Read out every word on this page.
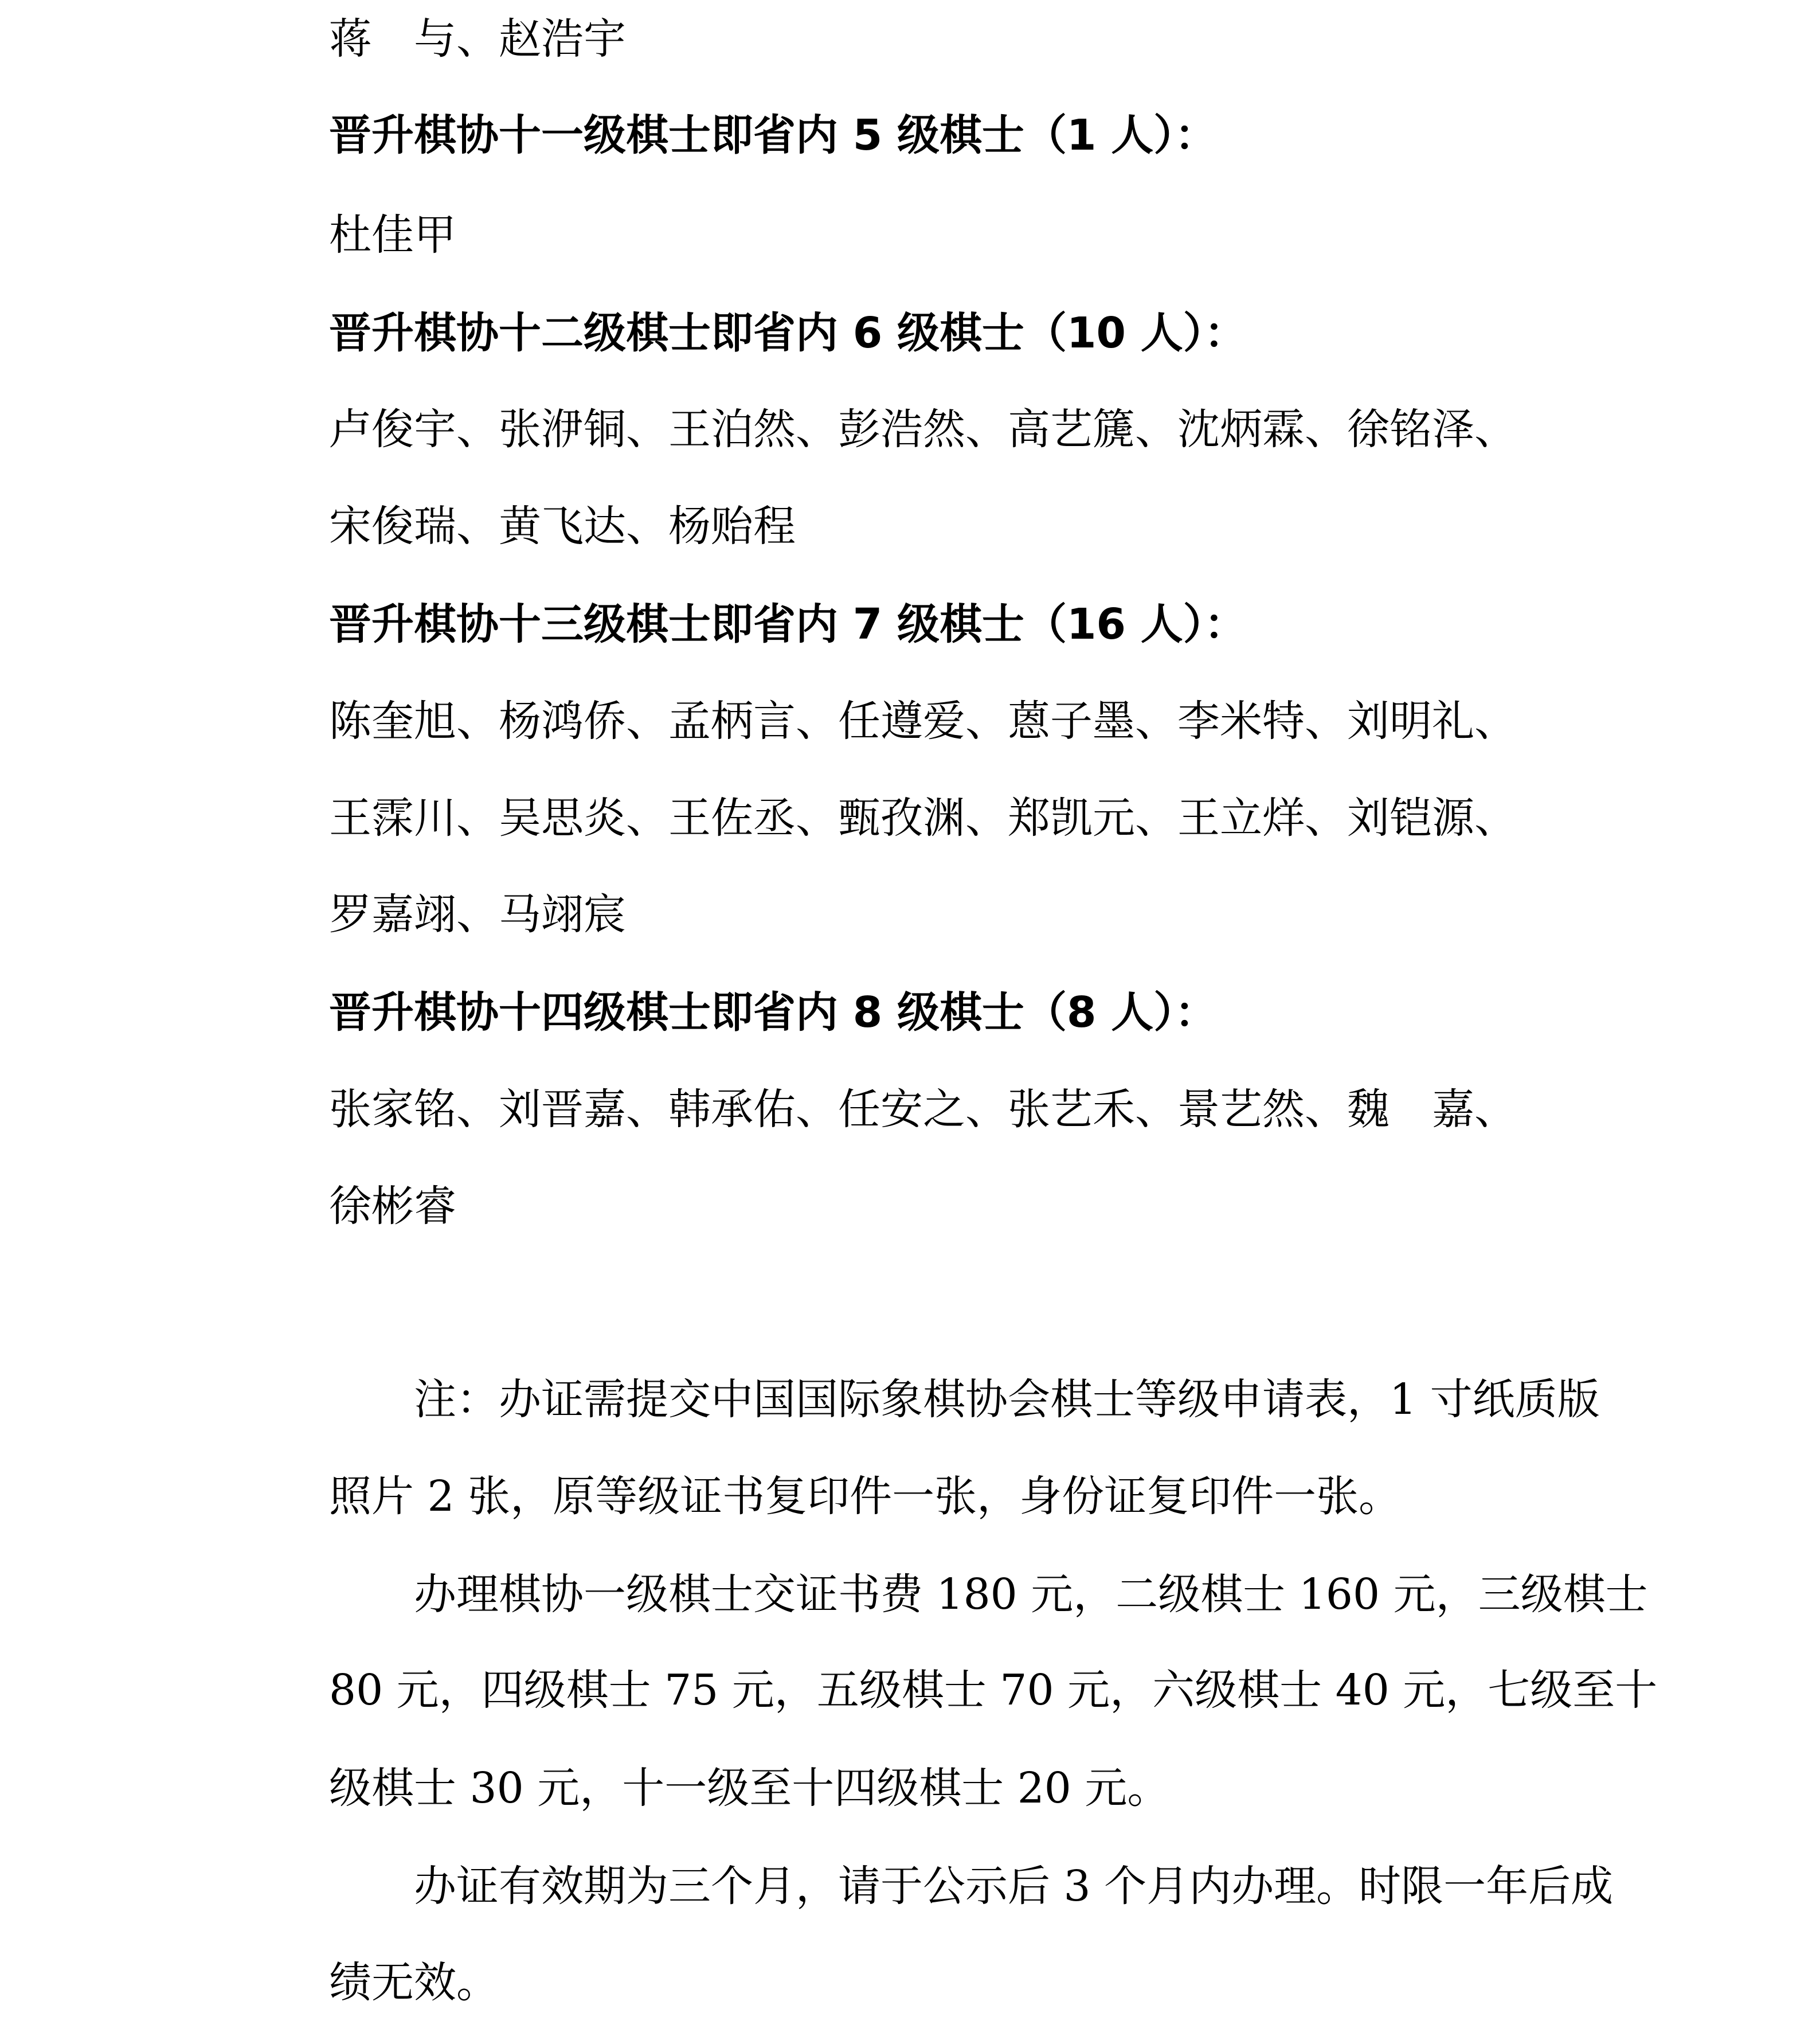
蒋　与、赵浩宇
晋升棋协十一级棋士即省内 5 级棋士（1 人）：
杜佳甲
晋升棋协十二级棋士即省内 6 级棋士（10 人）：
卢俊宇、张洢铜、王泊然、彭浩然、高艺篪、沈炳霖、徐铭泽、
宋俊瑞、黄飞达、杨贻程
晋升棋协十三级棋士即省内 7 级棋士（16 人）：
陈奎旭、杨鸿侨、孟柄言、任遵爱、蒽子墨、李米特、刘明礼、
王霂川、吴思炎、王佐丞、甄孜渊、郑凯元、王立烊、刘铠源、
罗嘉翊、马翊宸
晋升棋协十四级棋士即省内 8 级棋士（8 人）：
张家铭、刘晋嘉、韩承佑、任安之、张艺禾、景艺然、魏　嘉、
徐彬睿
注：办证需提交中国国际象棋协会棋士等级申请表，1 寸纸质版
照片 2 张，原等级证书复印件一张，身份证复印件一张。
办理棋协一级棋士交证书费 180 元，二级棋士 160 元，三级棋士
80 元，四级棋士 75 元，五级棋士 70 元，六级棋士 40 元，七级至十
级棋士 30 元，十一级至十四级棋士 20 元。
办证有效期为三个月，请于公示后 3 个月内办理。时限一年后成
绩无效。
